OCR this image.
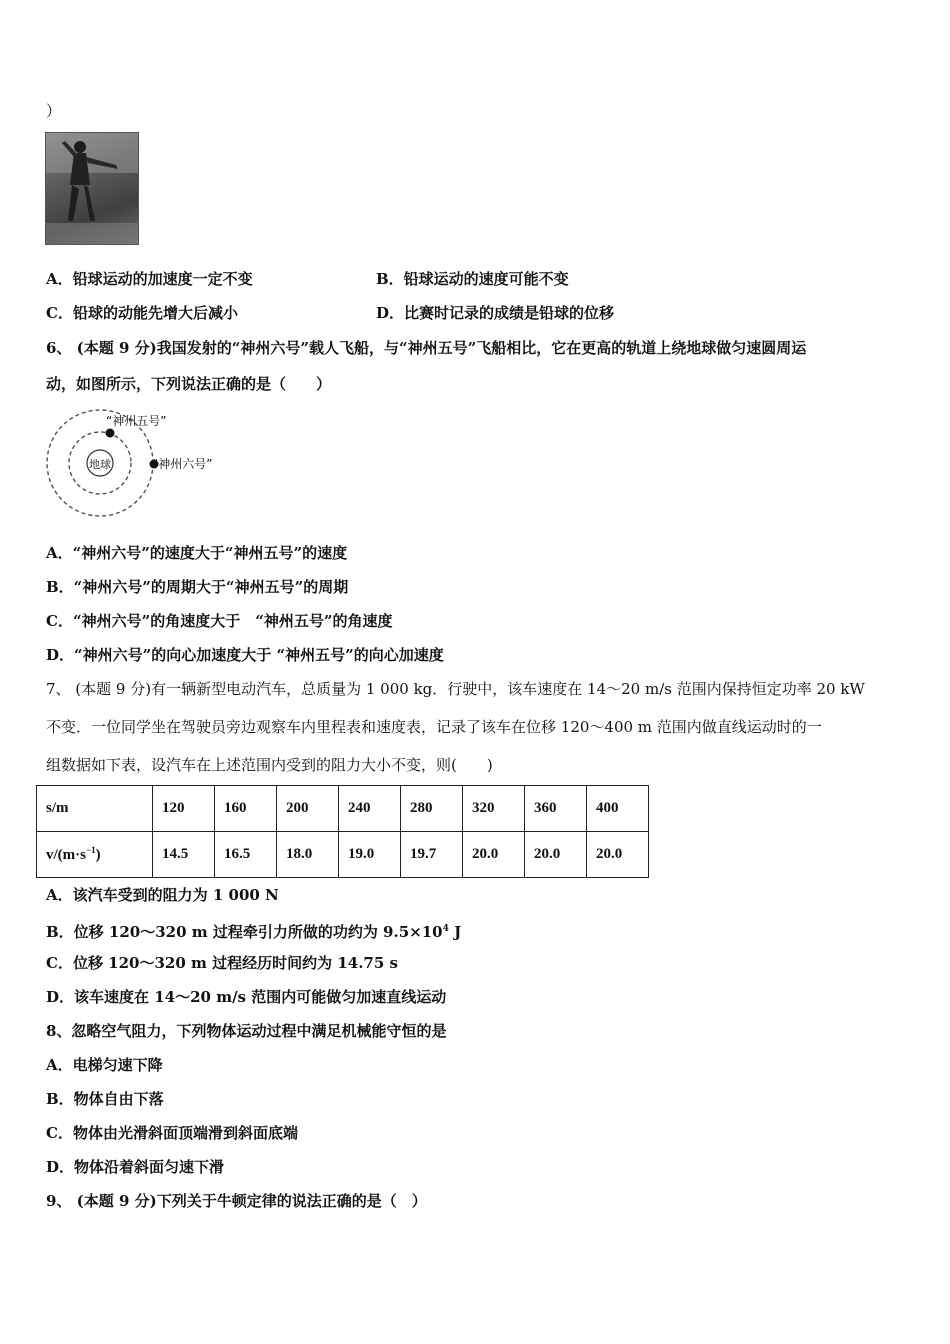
）
A．铅球运动的加速度一定不变	B．铅球运动的速度可能不变
C．铅球的动能先增大后减小	D．比赛时记录的成绩是铅球的位移
6、 (本题 9 分)我国发射的“神州六号”载人飞船，与“神州五号”飞船相比，它在更高的轨道上绕地球做匀速圆周运
动，如图所示，下列说法正确的是（　　）
地球
“神州五号”
“神州六号”
A．“神州六号”的速度大于“神州五号”的速度
B．“神州六号”的周期大于“神州五号”的周期
C．“神州六号”的角速度大于　“神州五号”的角速度
D．“神州六号”的向心加速度大于 “神州五号”的向心加速度
7、 (本题 9 分)有一辆新型电动汽车，总质量为 1 000 kg．行驶中，该车速度在 14～20 m/s 范围内保持恒定功率 20 kW
不变．一位同学坐在驾驶员旁边观察车内里程表和速度表，记录了该车在位移 120～400 m 范围内做直线运动时的一
组数据如下表，设汽车在上述范围内受到的阻力大小不变，则(　　)
s/m	120	160	200	240	280	320	360	400
$v/(m\cdot s^{-1})$	14.5	16.5	18.0	19.0	19.7	20.0	20.0	20.0
A．该汽车受到的阻力为 1 000 N
B．位移 120～320 m 过程牵引力所做的功约为 $9.5\times 10^4$ J
C．位移 120～320 m 过程经历时间约为 14.75 s
D．该车速度在 14～20 m/s 范围内可能做匀加速直线运动
8、忽略空气阻力，下列物体运动过程中满足机械能守恒的是
A．电梯匀速下降
B．物体自由下落
C．物体由光滑斜面顶端滑到斜面底端
D．物体沿着斜面匀速下滑
9、 (本题 9 分)下列关于牛顿定律的说法正确的是（　）
